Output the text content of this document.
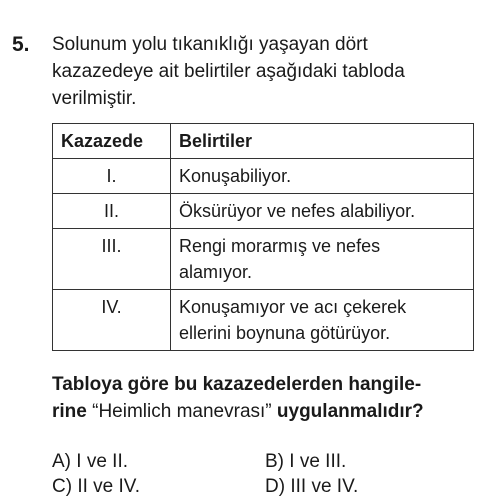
5. Solunum yolu tıkanıklığı yaşayan dört
kazazedeye ait belirtiler aşağıdaki tabloda
verilmiştir.

Kazazede	Belirtiler
I.	Konuşabiliyor.

II.	Öksürüyor ve nefes alabiliyor.

III.	Rengi morarmış ve nefes
alamıyor.

IV.	Konuşamıyor ve acı çekerek
ellerini boynuna götürüyor.

Tabloya göre bu kazazedelerden hangile-
rine “Heimlich manevrası” uygulanmalıdır?

A) I ve II.	B) I ve III.
C) II ve IV.	D) III ve IV.
